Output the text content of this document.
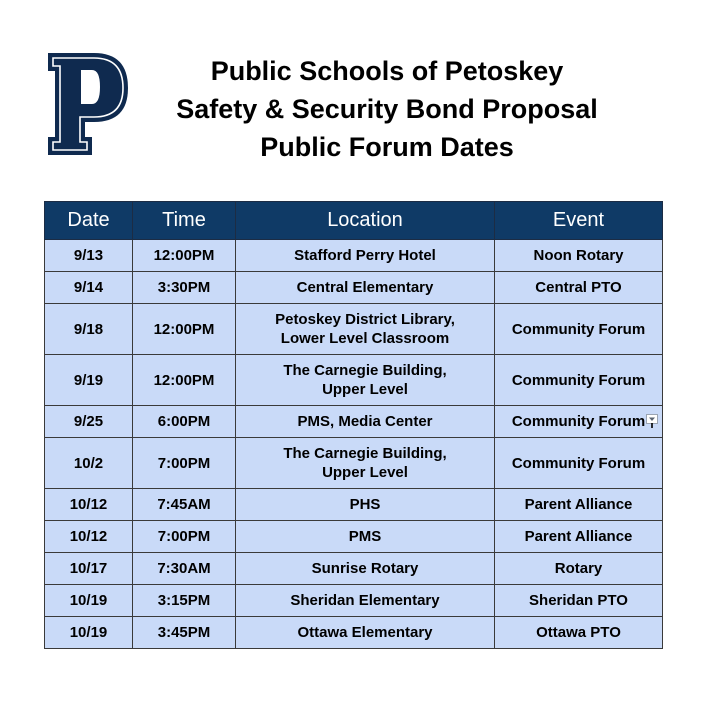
Public Schools of Petoskey
Safety & Security Bond Proposal
Public Forum Dates
Date	Time	Location	Event
9/13	12:00PM	Stafford Perry Hotel	Noon Rotary
9/14	3:30PM	Central Elementary	Central PTO
9/18	12:00PM	Petoskey District Library,
Lower Level Classroom	Community Forum
9/19	12:00PM	The Carnegie Building,
Upper Level	Community Forum
9/25	6:00PM	PMS, Media Center	Community Forum
10/2	7:00PM	The Carnegie Building,
Upper Level	Community Forum
10/12	7:45AM	PHS	Parent Alliance
10/12	7:00PM	PMS	Parent Alliance
10/17	7:30AM	Sunrise Rotary	Rotary
10/19	3:15PM	Sheridan Elementary	Sheridan PTO
10/19	3:45PM	Ottawa Elementary	Ottawa PTO
